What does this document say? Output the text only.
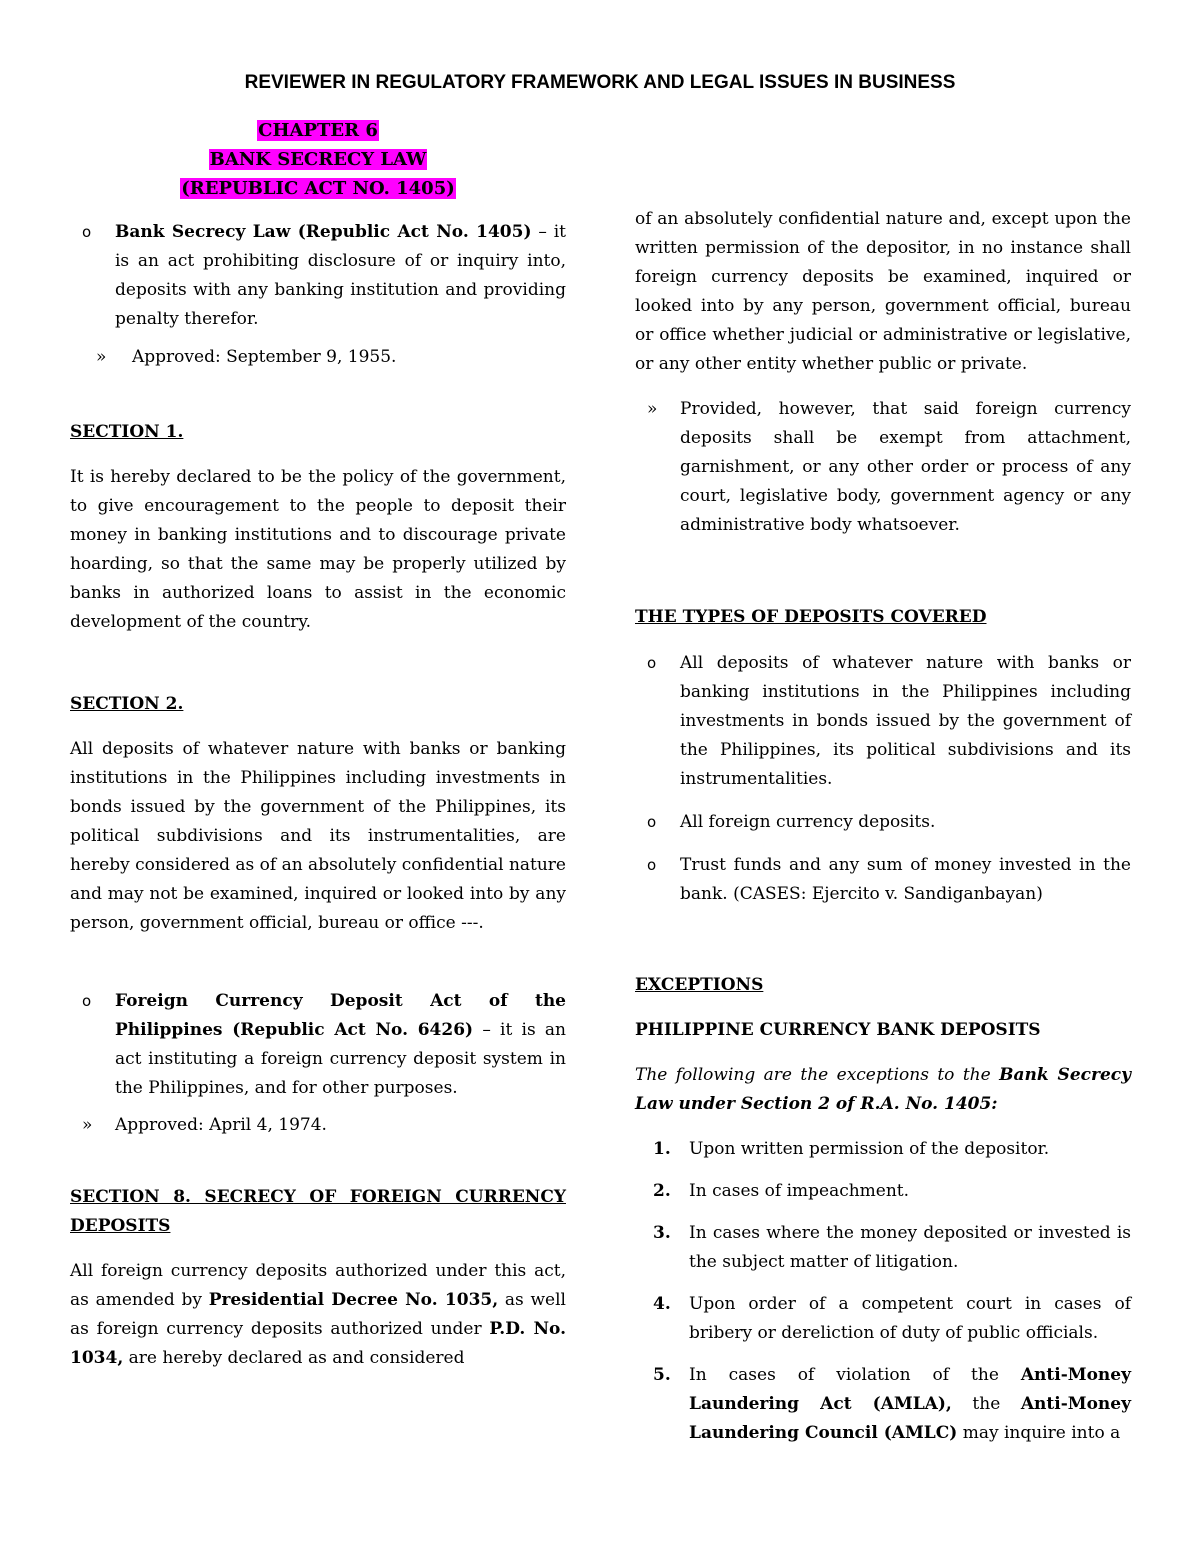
REVIEWER IN REGULATORY FRAMEWORK AND LEGAL ISSUES IN BUSINESS
CHAPTER 6
BANK SECRECY LAW
(REPUBLIC ACT NO. 1405)
o Bank Secrecy Law (Republic Act No. 1405) – it is an act prohibiting disclosure of or inquiry into, deposits with any banking institution and providing penalty therefor.

» Approved: September 9, 1955.

SECTION 1.

It is hereby declared to be the policy of the government, to give encouragement to the people to deposit their money in banking institutions and to discourage private hoarding, so that the same may be properly utilized by banks in authorized loans to assist in the economic development of the country.

SECTION 2.

All deposits of whatever nature with banks or banking institutions in the Philippines including investments in bonds issued by the government of the Philippines, its political subdivisions and its instrumentalities, are hereby considered as of an absolutely confidential nature and may not be examined, inquired or looked into by any person, government official, bureau or office ---.

o Foreign Currency Deposit Act of the Philippines (Republic Act No. 6426) – it is an act instituting a foreign currency deposit system in the Philippines, and for other purposes.

» Approved: April 4, 1974.

SECTION 8. SECRECY OF FOREIGN CURRENCY DEPOSITS

All foreign currency deposits authorized under this act, as amended by Presidential Decree No. 1035, as well as foreign currency deposits authorized under P.D. No. 1034, are hereby declared as and considered

of an absolutely confidential nature and, except upon the written permission of the depositor, in no instance shall foreign currency deposits be examined, inquired or looked into by any person, government official, bureau or office whether judicial or administrative or legislative, or any other entity whether public or private.

» Provided, however, that said foreign currency deposits shall be exempt from attachment, garnishment, or any other order or process of any court, legislative body, government agency or any administrative body whatsoever.

THE TYPES OF DEPOSITS COVERED

o All deposits of whatever nature with banks or banking institutions in the Philippines including investments in bonds issued by the government of the Philippines, its political subdivisions and its instrumentalities.

o All foreign currency deposits.

o Trust funds and any sum of money invested in the bank. (CASES: Ejercito v. Sandiganbayan)

EXCEPTIONS

PHILIPPINE CURRENCY BANK DEPOSITS

The following are the exceptions to the Bank Secrecy Law under Section 2 of R.A. No. 1405:

1. Upon written permission of the depositor.

2. In cases of impeachment.

3. In cases where the money deposited or invested is the subject matter of litigation.

4. Upon order of a competent court in cases of bribery or dereliction of duty of public officials.

5. In cases of violation of the Anti-Money Laundering Act (AMLA), the Anti-Money Laundering Council (AMLC) may inquire into a
